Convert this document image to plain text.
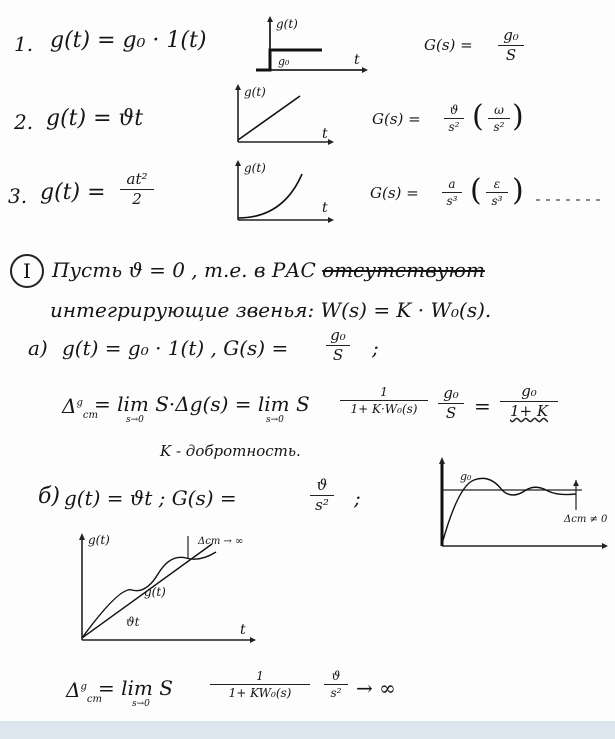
1. g(t) = g₀ · 1(t)
g(t)
g₀	t
G(s) =
g₀
S
2. g(t) = ϑt
g(t)
t
G(s) =	ϑ
s² ( ω
s² )
3. g(t) =
at²
2
g(t)
t
G(s) =	a
s³ (	ε
s³ )
I	Пусть ϑ = 0 , т.е. в РАС отсутствуют
интегрирующие звенья: W(s) = K · W₀(s).
а) g(t) = g₀ · 1(t) , G(s) =
g₀
S	;
$\Delta^g_{ст}$
= lim S·Δg(s) = lim S
s→0	s→0
1
1+ K·W₀(s)
g₀
S =
g₀
1+ K
K - добротность.
g₀
Δст ≠ 0
б) g(t) = ϑt ; G(s) =
ϑ
s² ;
g(t)
g(t)
ϑt
Δст → ∞
t
$\Delta^g_{ст}$
= lim S
s→0
1
1+ KW₀(s)
ϑ
s² → ∞
